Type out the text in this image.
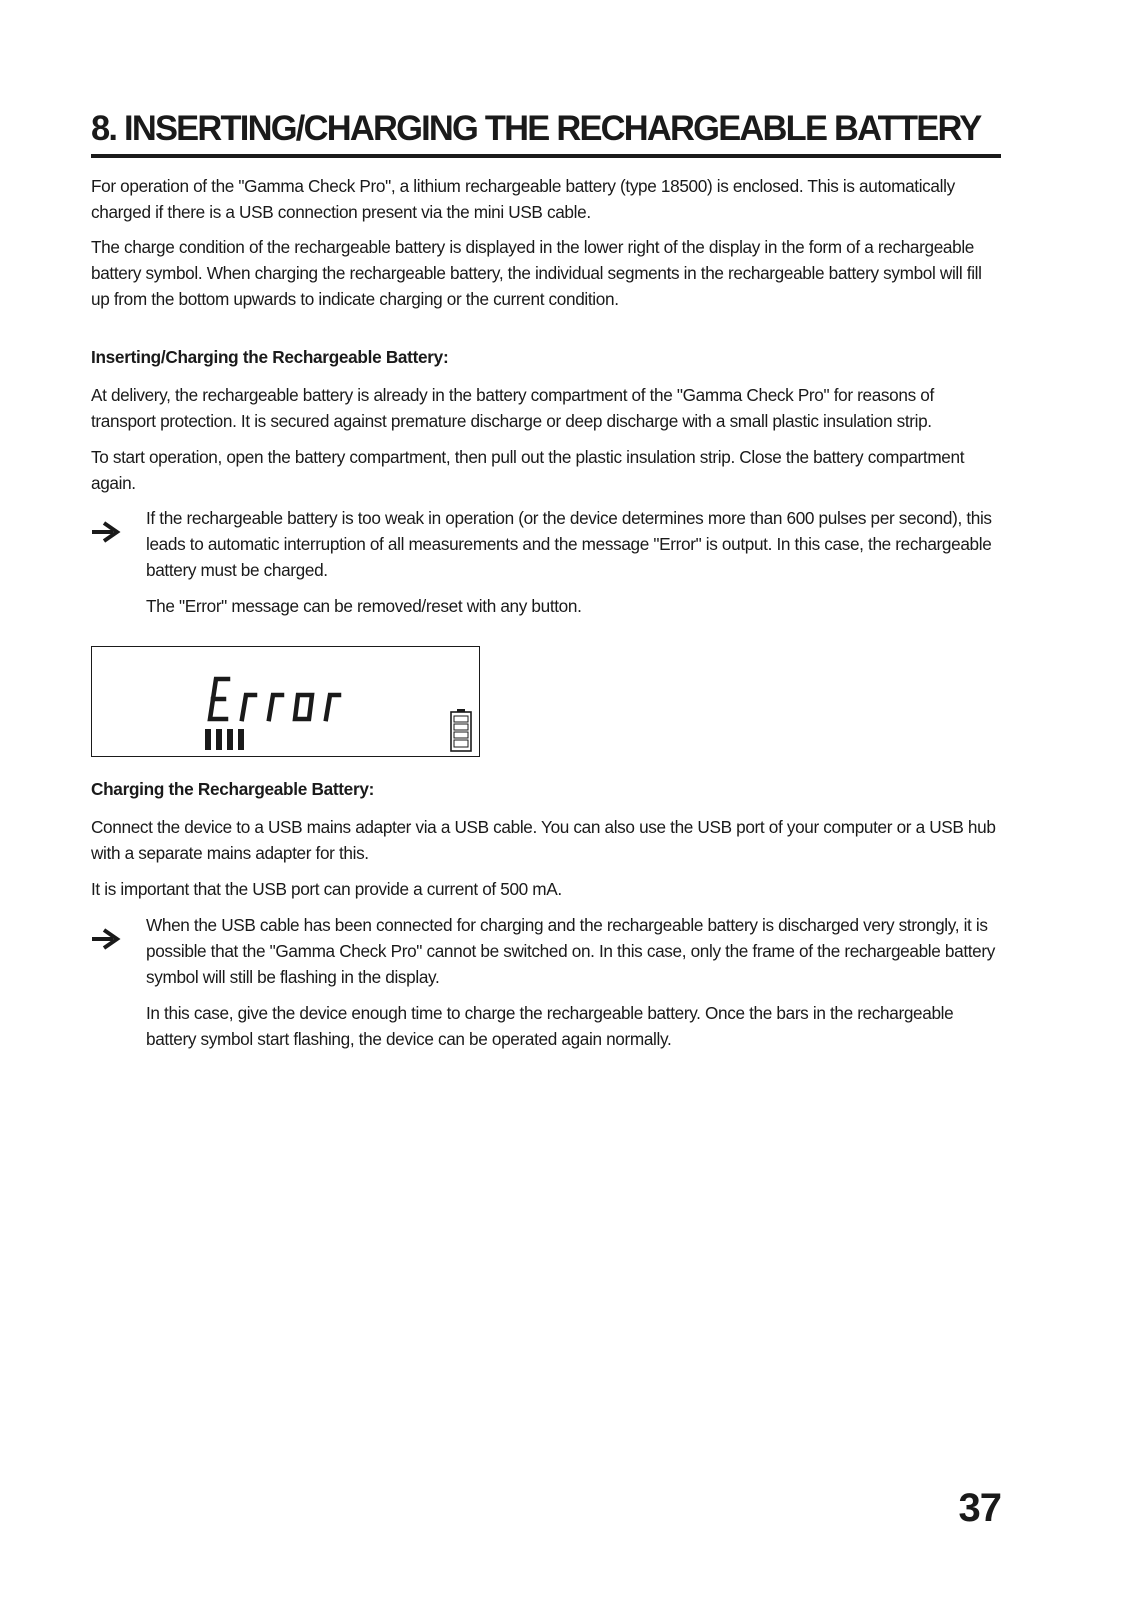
8. INSERTING/CHARGING THE RECHARGEABLE BATTERY

For operation of the "Gamma Check Pro", a lithium rechargeable battery (type 18500) is enclosed. This is automatically charged if there is a USB connection present via the mini USB cable.

The charge condition of the rechargeable battery is displayed in the lower right of the display in the form of a rechargeable battery symbol. When charging the rechargeable battery, the individual segments in the rechargeable battery symbol will fill up from the bottom upwards to indicate charging or the current condition.

Inserting/Charging the Rechargeable Battery:

At delivery, the rechargeable battery is already in the battery compartment of the "Gamma Check Pro" for reasons of transport protection. It is secured against premature discharge or deep discharge with a small plastic insulation strip.

To start operation, open the battery compartment, then pull out the plastic insulation strip. Close the battery compartment again.

If the rechargeable battery is too weak in operation (or the device determines more than 600 pulses per second), this leads to automatic interruption of all measurements and the message "Error" is output. In this case, the rechargeable battery must be charged.
The "Error" message can be removed/reset with any button.
Charging the Rechargeable Battery:

Connect the device to a USB mains adapter via a USB cable. You can also use the USB port of your computer or a USB hub with a separate mains adapter for this.

It is important that the USB port can provide a current of 500 mA.

When the USB cable has been connected for charging and the rechargeable battery is discharged very strongly, it is possible that the "Gamma Check Pro" cannot be switched on. In this case, only the frame of the rechargeable battery symbol will still be flashing in the display.
In this case, give the device enough time to charge the rechargeable battery. Once the bars in the rechargeable battery symbol start flashing, the device can be operated again normally.
37
